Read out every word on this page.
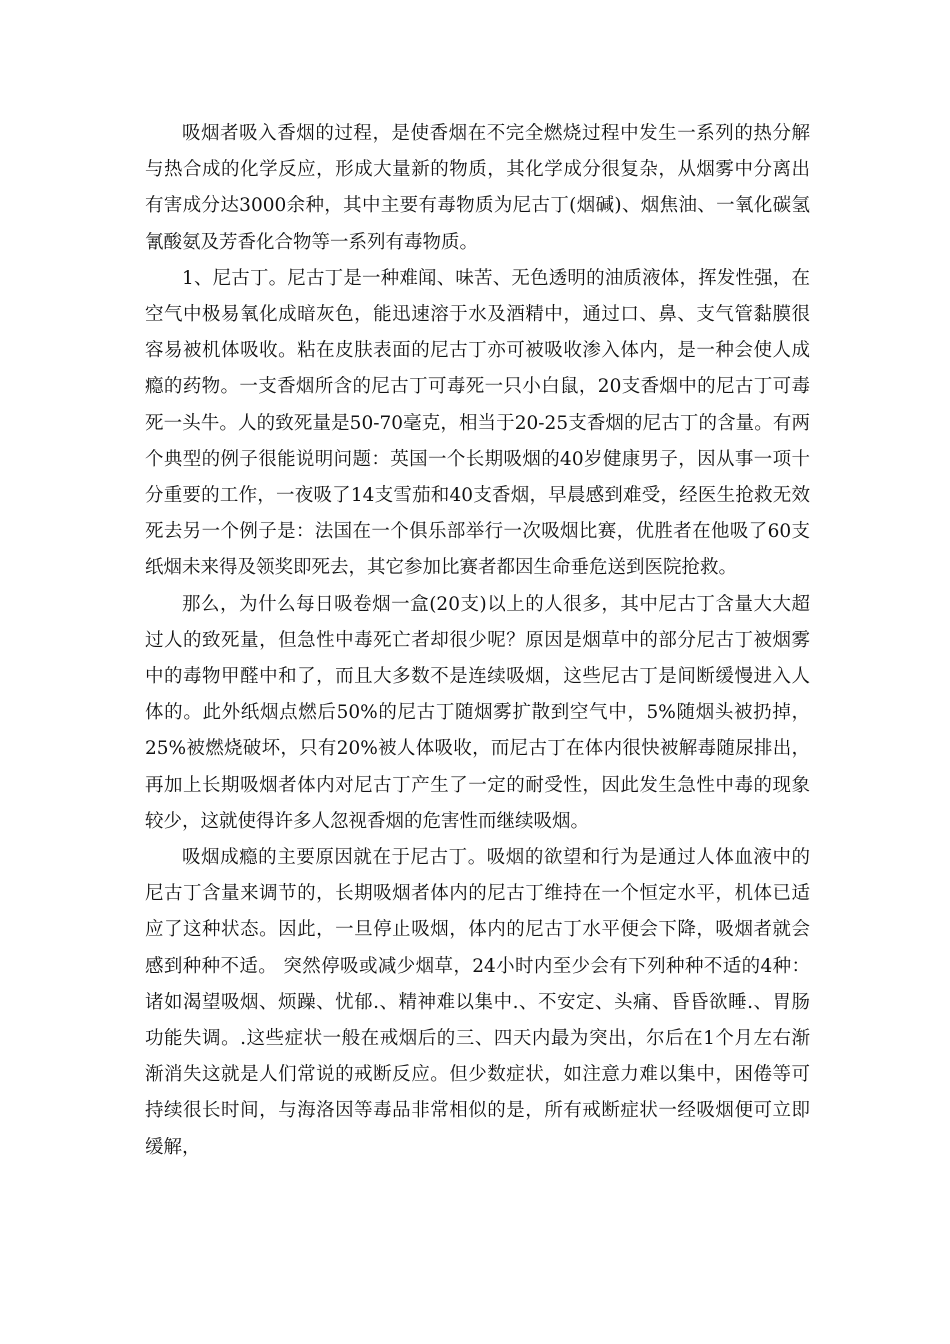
吸烟者吸入香烟的过程，是使香烟在不完全燃烧过程中发生一系列的热分解与热合成的化学反应，形成大量新的物质，其化学成分很复杂，从烟雾中分离出有害成分达3000余种，其中主要有毒物质为尼古丁(烟碱)、烟焦油、一氧化碳氢氰酸氨及芳香化合物等一系列有毒物质。

1、尼古丁。尼古丁是一种难闻、味苦、无色透明的油质液体，挥发性强，在空气中极易氧化成暗灰色，能迅速溶于水及酒精中，通过口、鼻、支气管黏膜很容易被机体吸收。粘在皮肤表面的尼古丁亦可被吸收渗入体内，是一种会使人成瘾的药物。一支香烟所含的尼古丁可毒死一只小白鼠，20支香烟中的尼古丁可毒死一头牛。人的致死量是50-70毫克，相当于20-25支香烟的尼古丁的含量。有两个典型的例子很能说明问题：英国一个长期吸烟的40岁健康男子，因从事一项十分重要的工作，一夜吸了14支雪茄和40支香烟，早晨感到难受，经医生抢救无效死去另一个例子是：法国在一个俱乐部举行一次吸烟比赛，优胜者在他吸了60支纸烟未来得及领奖即死去，其它参加比赛者都因生命垂危送到医院抢救。

那么，为什么每日吸卷烟一盒(20支)以上的人很多，其中尼古丁含量大大超过人的致死量，但急性中毒死亡者却很少呢？原因是烟草中的部分尼古丁被烟雾中的毒物甲醛中和了，而且大多数不是连续吸烟，这些尼古丁是间断缓慢进入人体的。此外纸烟点燃后50%的尼古丁随烟雾扩散到空气中，5%随烟头被扔掉，25%被燃烧破坏，只有20%被人体吸收，而尼古丁在体内很快被解毒随尿排出，再加上长期吸烟者体内对尼古丁产生了一定的耐受性，因此发生急性中毒的现象较少，这就使得许多人忽视香烟的危害性而继续吸烟。

吸烟成瘾的主要原因就在于尼古丁。吸烟的欲望和行为是通过人体血液中的尼古丁含量来调节的，长期吸烟者体内的尼古丁维持在一个恒定水平，机体已适应了这种状态。因此，一旦停止吸烟，体内的尼古丁水平便会下降，吸烟者就会感到种种不适。 突然停吸或减少烟草，24小时内至少会有下列种种不适的4种：诸如渴望吸烟、烦躁、忧郁.、精神难以集中.、不安定、头痛、昏昏欲睡.、胃肠功能失调。.这些症状一般在戒烟后的三、四天内最为突出，尔后在1个月左右渐渐消失这就是人们常说的戒断反应。但少数症状，如注意力难以集中，困倦等可持续很长时间，与海洛因等毒品非常相似的是，所有戒断症状一经吸烟便可立即缓解，
